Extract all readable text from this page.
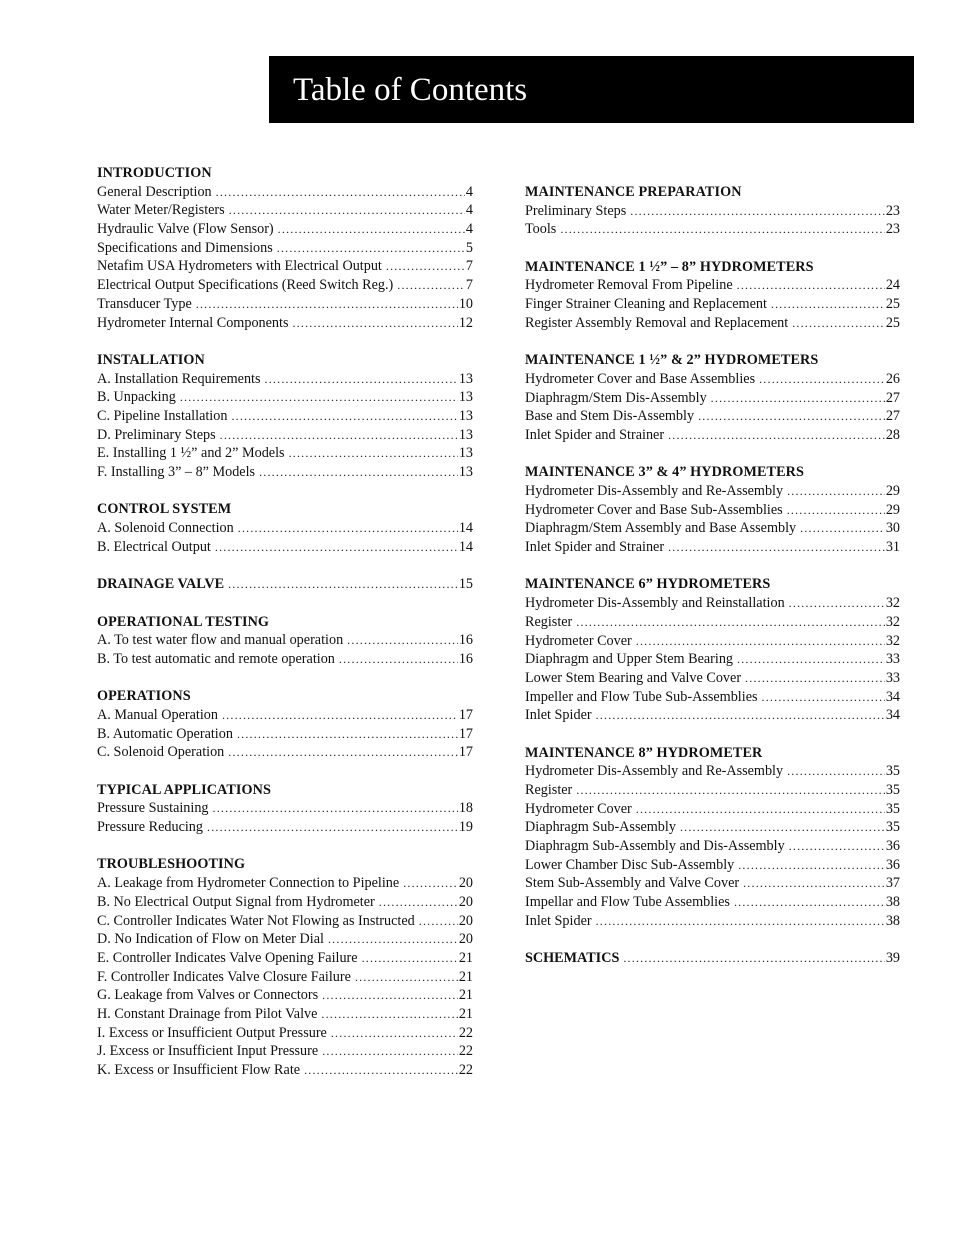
Table of Contents
INTRODUCTION
General Description .....	4
Water Meter/Registers .....	4
Hydraulic Valve (Flow Sensor) .....	4
Specifications and Dimensions .....	5
Netafim USA Hydrometers with Electrical Output .....	7
Electrical Output Specifications (Reed Switch Reg.) .....	7
Transducer Type .....	10
Hydrometer Internal Components .....	12
INSTALLATION
A. Installation Requirements .....	13
B. Unpacking .....	13
C. Pipeline Installation .....	13
D. Preliminary Steps .....	13
E. Installing 1 ½” and 2” Models .....	13
F. Installing 3” – 8” Models .....	13
CONTROL SYSTEM
A. Solenoid Connection .....	14
B. Electrical Output .....	14
DRAINAGE VALVE .....	15
OPERATIONAL TESTING
A. To test water flow and manual operation .....	16
B. To test automatic and remote operation .....	16
OPERATIONS
A. Manual Operation .....	17
B. Automatic Operation .....	17
C. Solenoid Operation .....	17
TYPICAL APPLICATIONS
Pressure Sustaining .....	18
Pressure Reducing .....	19
TROUBLESHOOTING
A. Leakage from Hydrometer Connection to Pipeline .....	20
B. No Electrical Output Signal from Hydrometer .....	20
C. Controller Indicates Water Not Flowing as Instructed .....	20
D. No Indication of Flow on Meter Dial .....	20
E. Controller Indicates Valve Opening Failure .....	21
F. Controller Indicates Valve Closure Failure .....	21
G. Leakage from Valves or Connectors .....	21
H. Constant Drainage from Pilot Valve .....	21
I. Excess or Insufficient Output Pressure .....	22
J. Excess or Insufficient Input Pressure .....	22
K. Excess or Insufficient Flow Rate .....	22
MAINTENANCE PREPARATION
Preliminary Steps .....	23
Tools .....	23
MAINTENANCE 1 ½” – 8” HYDROMETERS
Hydrometer Removal From Pipeline .....	24
Finger Strainer Cleaning and Replacement .....	25
Register Assembly Removal and Replacement .....	25
MAINTENANCE 1 ½” & 2” HYDROMETERS
Hydrometer Cover and Base Assemblies .....	26
Diaphragm/Stem Dis-Assembly .....	27
Base and Stem Dis-Assembly .....	27
Inlet Spider and Strainer .....	28
MAINTENANCE 3” & 4” HYDROMETERS
Hydrometer Dis-Assembly and Re-Assembly .....	29
Hydrometer Cover and Base Sub-Assemblies .....	29
Diaphragm/Stem Assembly and Base Assembly .....	30
Inlet Spider and Strainer .....	31
MAINTENANCE 6” HYDROMETERS
Hydrometer Dis-Assembly and Reinstallation .....	32
Register .....	32
Hydrometer Cover .....	32
Diaphragm and Upper Stem Bearing .....	33
Lower Stem Bearing and Valve Cover .....	33
Impeller and Flow Tube Sub-Assemblies .....	34
Inlet Spider .....	34
MAINTENANCE 8” HYDROMETER
Hydrometer Dis-Assembly and Re-Assembly .....	35
Register .....	35
Hydrometer Cover .....	35
Diaphragm Sub-Assembly .....	35
Diaphragm Sub-Assembly and Dis-Assembly .....	36
Lower Chamber Disc Sub-Assembly .....	36
Stem Sub-Assembly and Valve Cover .....	37
Impellar and Flow Tube Assemblies .....	38
Inlet Spider .....	38
SCHEMATICS .....	39
